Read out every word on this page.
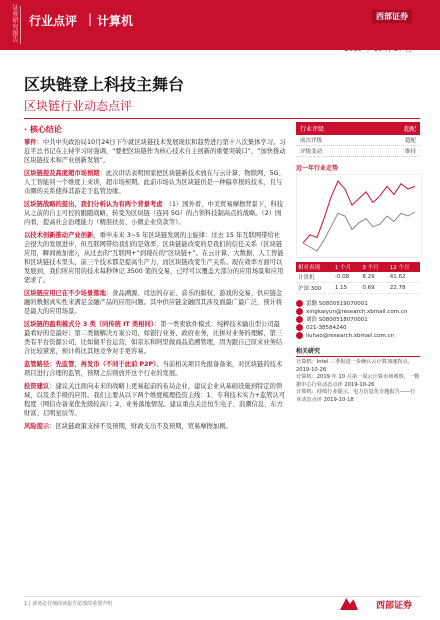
证券研究报告 行业点评 | 计算机	西部证券
2019 年 10 月 27 日
区块链登上科技主舞台
区块链行业动态点评
· 核心结论

事件：中共中央政治局10月24日下午就区块链技术发展现状和趋势进行第十八次集体学习。习近平总书记在主持学习时强调，“要把区块链作为核心技术自主创新的重要突破口”、“加快推动区块链技术和产业创新发展”。

区块链提及高度超市场预期：此次讲话表明国家把区块链新技术放在与云计算、物联网、5G、人工智能同一个维度上来讲，超市场预期。此前市场认为区块链仍是一种偏草根的技术，且与币圈的关系使得其游走于监管边缘。

区块链战略的提出，我们分析认为有两个背景考虑：（1）国外看，中美贸易摩擦背景下，科技从之前的自主可控的跟随战略，转变为区块链（连同 5G）的占领科技制高点的战略。（2）国内看，提高社会治理能力（精准扶贫、小微企业贷款等）。

以技术创新推动产业创新，重申未来 3~5 年区块链发展的主旋律：过去 15 年互联网带给社会很大的发展进步，但互联网带给我们的是效率，区块链能改变的是我们的信任关系（区块链应用，瞬间被加密），从过去的“互联网+”到现在的“区块链+”。在云计算、大数据、人工智能和区块链技术里头，前三个技术都是提高生产力，而区块链改变生产关系。现在效率方面可以发展到，我们所应用的技术每秒钟记 3500 笔的交易，已经可以覆盖大部分的应用场景和应用需求了。

区块链应用已在不少场景落地：食品溯源、司法的存证、音乐的版权、游戏的交易、供应链金融的数据真实性来满足金融产品的应用问题。其中供应链金融因其涉及面最广最广泛，预计将是最大的应用场景。

区块链的盈利模式分 3 类（同传统 IT 类相同）：第一类卖软件模式：纯粹技术输出型公司最最看好的是最好；第二类做解决方案公司，如银行业务、政府业务，比拼对业务的理解，第三类有平台资源公司，比如做平台运营，如京东和阿里做商品追溯管理，因为跟自己原来业务结合比较紧密，预计将比其他竞争对手更容易。

监管路径：先监管，再发币（不同于此前 P2P）。当前相关项目先报备备案，对区块链的技术项目进行合理的监管，预期之后则放开这个行业的发展。

投资建议：建议关注面向未来的战略上更易起前的布局企业，建议企业从基础设施到特定的领域，以及杀手级的应用。我们主要从以下两个维度梳理投资主线：1、专利技术实力+监管认可程度（网信办备案优先级较高）；2、业务落地情况。建议重点关注恒生电子、浪潮信息、东方财富、启明星辰等。

风险提示：区块链政策支持不及预期，财政支出不及预期，贸易摩擦加剧。

行业评级	超配
前次评级	超配
评级变动	维持
近一年行业走势
相对表现	1 个月	3 个月	12 个月
计算机	-0.08	8.29	41.62
沪深 300	1.15	0.69	22.78
雷勤 S0800519070001
xingkaiyun@research.xbmail.com.cn
刘浩 S0800518070001
021-38584240
liuhao@research.xbmail.com.cn
相关研究
计算机：Intel 三季报进一步确认云计算加速拐点，2019-10-26
计算机：2019 年 10 月第一周云计算市场观察，一数据中心行业动态点评 2019-10-26
计算机：持续行业提示，电力信息化专题报告——行业动态点评 2019-10-18
1 | 请务必仔细阅读报告尾部的重要声明	西部证券
